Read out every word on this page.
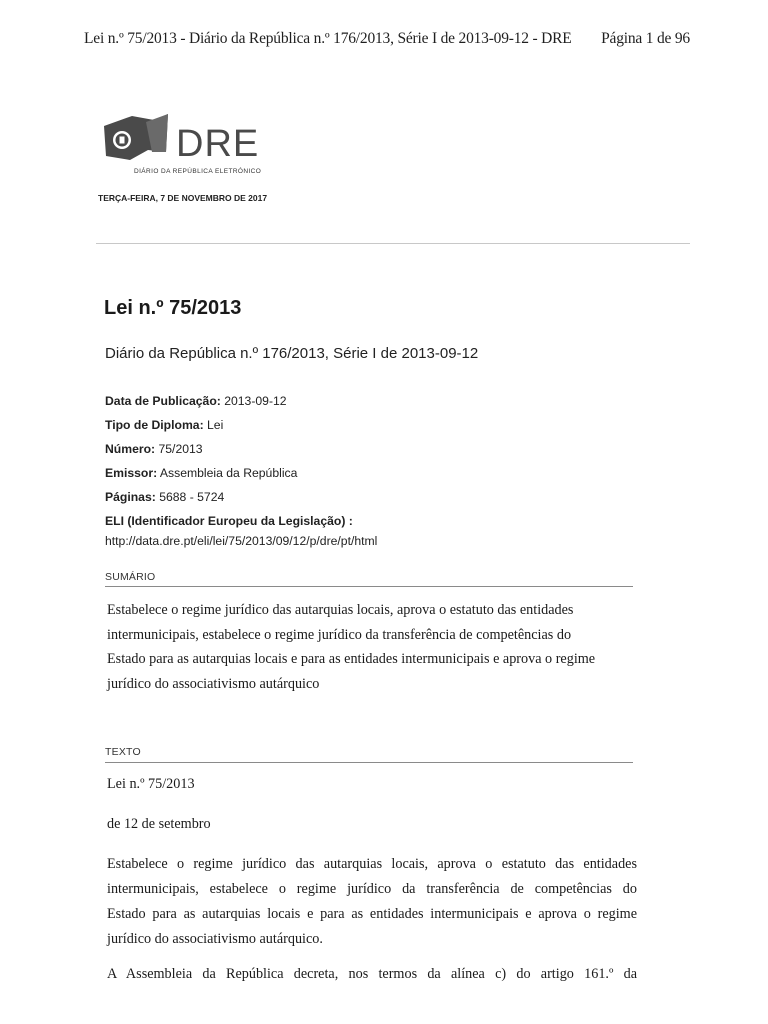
Lei n.º 75/2013 - Diário da República n.º 176/2013, Série I de 2013-09-12 - DRE Página 1 de 96
DRE
DIÁRIO DA REPÚBLICA ELETRÓNICO
TERÇA-FEIRA, 7 DE NOVEMBRO DE 2017

Lei n.º 75/2013
Diário da República n.º 176/2013, Série I de 2013-09-12
Data de Publicação: 2013-09-12
Tipo de Diploma: Lei
Número: 75/2013
Emissor: Assembleia da República
Páginas: 5688 - 5724
ELI (Identificador Europeu da Legislação) :
http://data.dre.pt/eli/lei/75/2013/09/12/p/dre/pt/html
SUMÁRIO
Estabelece o regime jurídico das autarquias locais, aprova o estatuto das entidades
intermunicipais, estabelece o regime jurídico da transferência de competências do
Estado para as autarquias locais e para as entidades intermunicipais e aprova o regime
jurídico do associativismo autárquico
TEXTO
Lei n.º 75/2013
de 12 de setembro
Estabelece o regime jurídico das autarquias locais, aprova o estatuto das entidades
intermunicipais, estabelece o regime jurídico da transferência de competências do
Estado para as autarquias locais e para as entidades intermunicipais e aprova o regime
jurídico do associativismo autárquico.
A Assembleia da República decreta, nos termos da alínea c) do artigo 161.º da
